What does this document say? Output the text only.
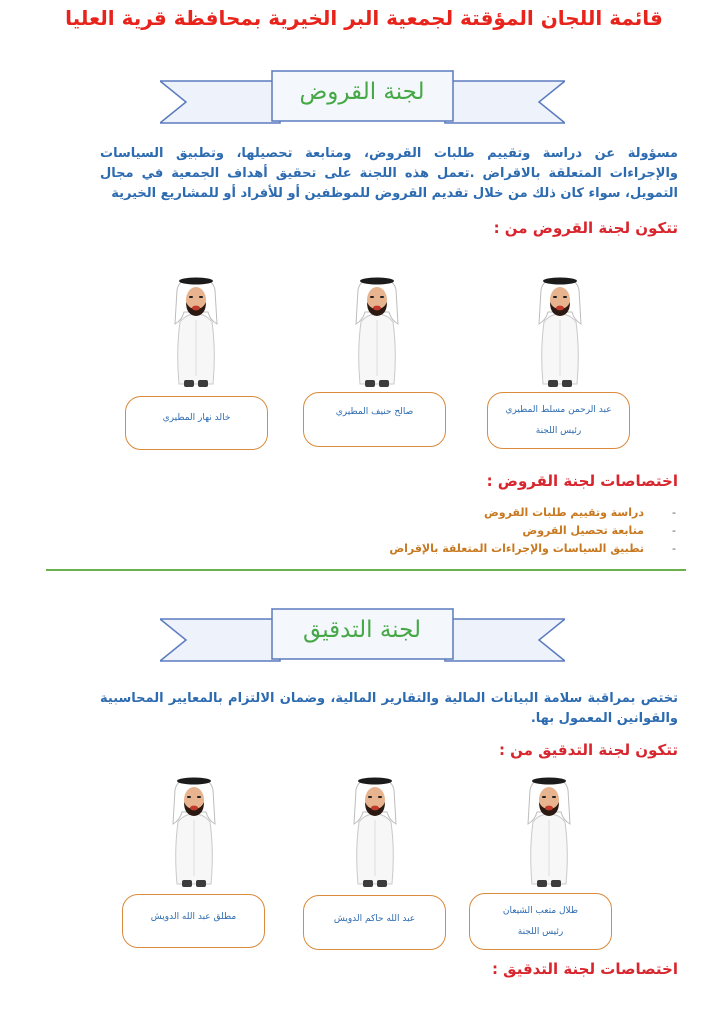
قائمة اللجان المؤقتة لجمعية البر الخيرية بمحافظة قرية العليا
لجنة القروض
مسؤولة عن دراسة وتقييم طلبات القروض، ومتابعة تحصيلها، وتطبيق السياسات والإجراءات المتعلقة بالاقراض .تعمل هذه اللجنة على تحقيق أهداف الجمعية في مجال التمويل، سواء كان ذلك من خلال تقديم القروض للموظفين أو للأفراد أو للمشاريع الخيرية
تتكون لجنة القروض من :
عبد الرحمن مسلط المطيري
رئيس اللجنة
صالح حنيف المطيري
خالد نهار المطيري
اختصاصات لجنة القروض :
-
دراسة وتقييم طلبات القروض
-
متابعة تحصيل القروض
-
تطبيق السياسات والإجراءات المتعلقة بالإقراض
لجنة التدقيق
تختص بمراقبة سلامة البيانات المالية والتقارير المالية، وضمان الالتزام بالمعايير المحاسبية والقوانين المعمول بها.
تتكون لجنة التدقيق من :
طلال متعب الشيعان
رئيس اللجنة
عبد الله حاكم الدويش
مطلق عبد الله الدويش
اختصاصات لجنة التدقيق :
